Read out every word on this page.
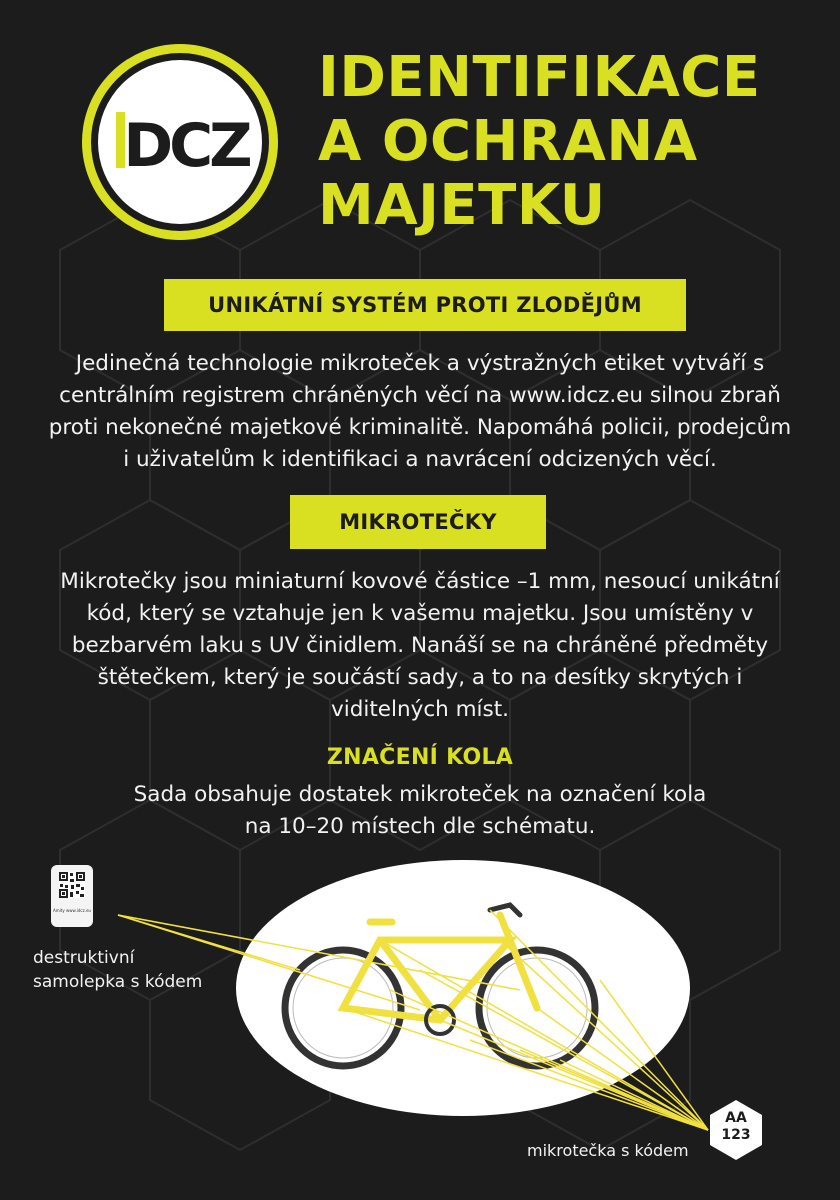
DCZ
IDENTIFIKACE
A OCHRANA
MAJETKU
UNIKÁTNÍ SYSTÉM PROTI ZLODĚJŮM
Jedinečná technologie mikroteček a výstražných etiket vytváří s
centrálním registrem chráněných věcí na www.idcz.eu silnou zbraň
proti nekonečné majetkové kriminalitě. Napomáhá policii, prodejcům
i uživatelům k identifikaci a navrácení odcizených věcí.
MIKROTEČKY
Mikrotečky jsou miniaturní kovové částice –1 mm, nesoucí unikátní
kód, který se vztahuje jen k vašemu majetku. Jsou umístěny v
bezbarvém laku s UV činidlem. Nanáší se na chráněné předměty
štětečkem, který je součástí sady, a to na desítky skrytých i
viditelných míst.
ZNAČENÍ KOLA
Sada obsahuje dostatek mikroteček na označení kola
na 10–20 místech dle schématu.
Amity www.idcz.eu
destruktivní
samolepka s kódem
AA
123
mikrotečka s kódem
